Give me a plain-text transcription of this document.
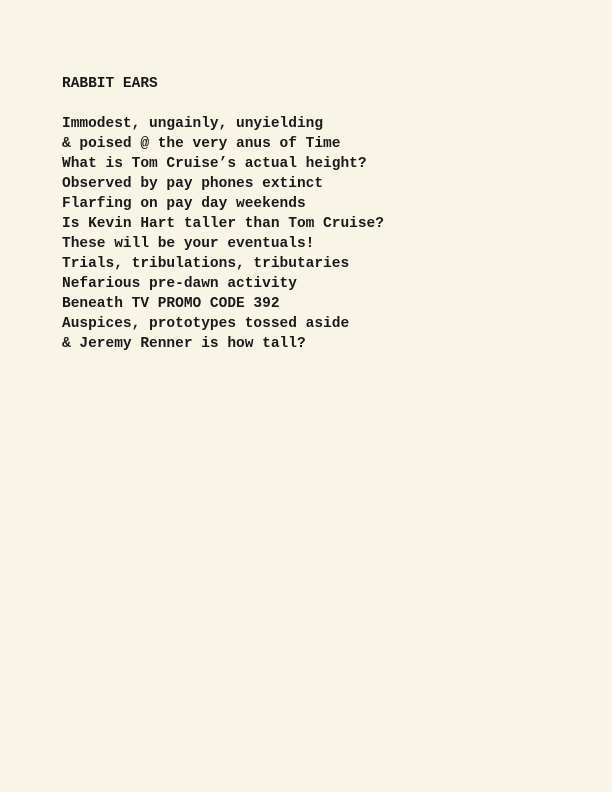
RABBIT EARS
Immodest, ungainly, unyielding
& poised @ the very anus of Time
What is Tom Cruise’s actual height?
Observed by pay phones extinct
Flarfing on pay day weekends
Is Kevin Hart taller than Tom Cruise?
These will be your eventuals!
Trials, tribulations, tributaries
Nefarious pre-dawn activity
Beneath TV PROMO CODE 392
Auspices, prototypes tossed aside
& Jeremy Renner is how tall?
